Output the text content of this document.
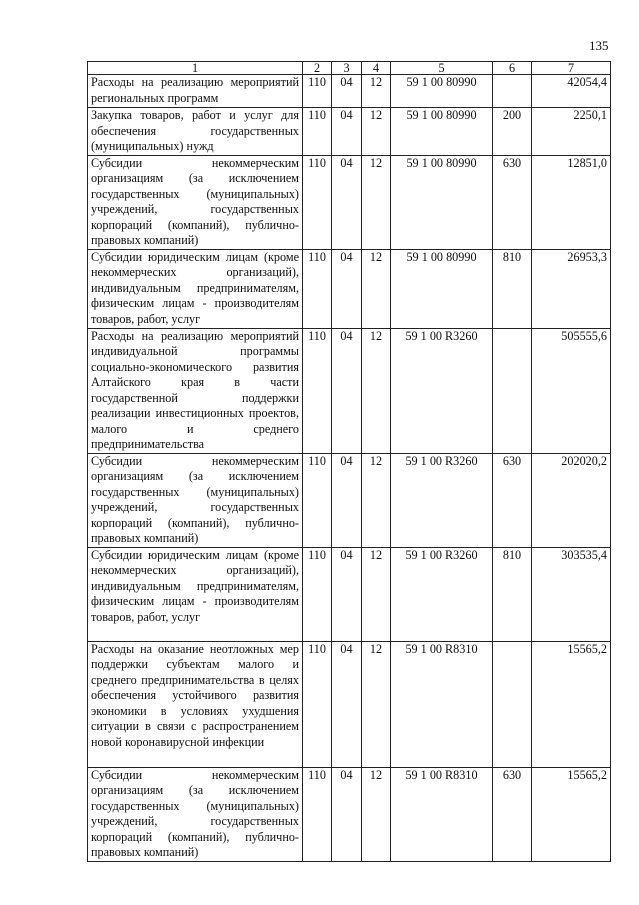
135
1	2	3	4	5	6	7
Расходы на реализацию мероприятий региональных программ	110	04	12	59 1 00 80990		42054,4
Закупка товаров, работ и услуг для обеспечения государственных (муниципальных) нужд	110	04	12	59 1 00 80990	200	2250,1
Субсидии некоммерческим организациям (за исключением государственных (муниципальных) учреждений, государственных корпораций (компаний), публично-правовых компаний)	110	04	12	59 1 00 80990	630	12851,0
Субсидии юридическим лицам (кроме некоммерческих организаций), индивидуальным предпринимателям, физическим лицам - производителям товаров, работ, услуг	110	04	12	59 1 00 80990	810	26953,3
Расходы на реализацию мероприятий индивидуальной программы социально-экономического развития Алтайского края в части государственной поддержки реализации инвестиционных проектов, малого и среднего предпринимательства	110	04	12	59 1 00 R3260		505555,6
Субсидии некоммерческим организациям (за исключением государственных (муниципальных) учреждений, государственных корпораций (компаний), публично-правовых компаний)	110	04	12	59 1 00 R3260	630	202020,2
Субсидии юридическим лицам (кроме некоммерческих организаций), индивидуальным предпринимателям, физическим лицам - производителям товаров, работ, услуг	110	04	12	59 1 00 R3260	810	303535,4
Расходы на оказание неотложных мер поддержки субъектам малого и среднего предпринимательства в целях обеспечения устойчивого развития экономики в условиях ухудшения ситуации в связи с распространением новой коронавирусной инфекции	110	04	12	59 1 00 R8310		15565,2
Субсидии некоммерческим организациям (за исключением государственных (муниципальных) учреждений, государственных корпораций (компаний), публично-правовых компаний)	110	04	12	59 1 00 R8310	630	15565,2
